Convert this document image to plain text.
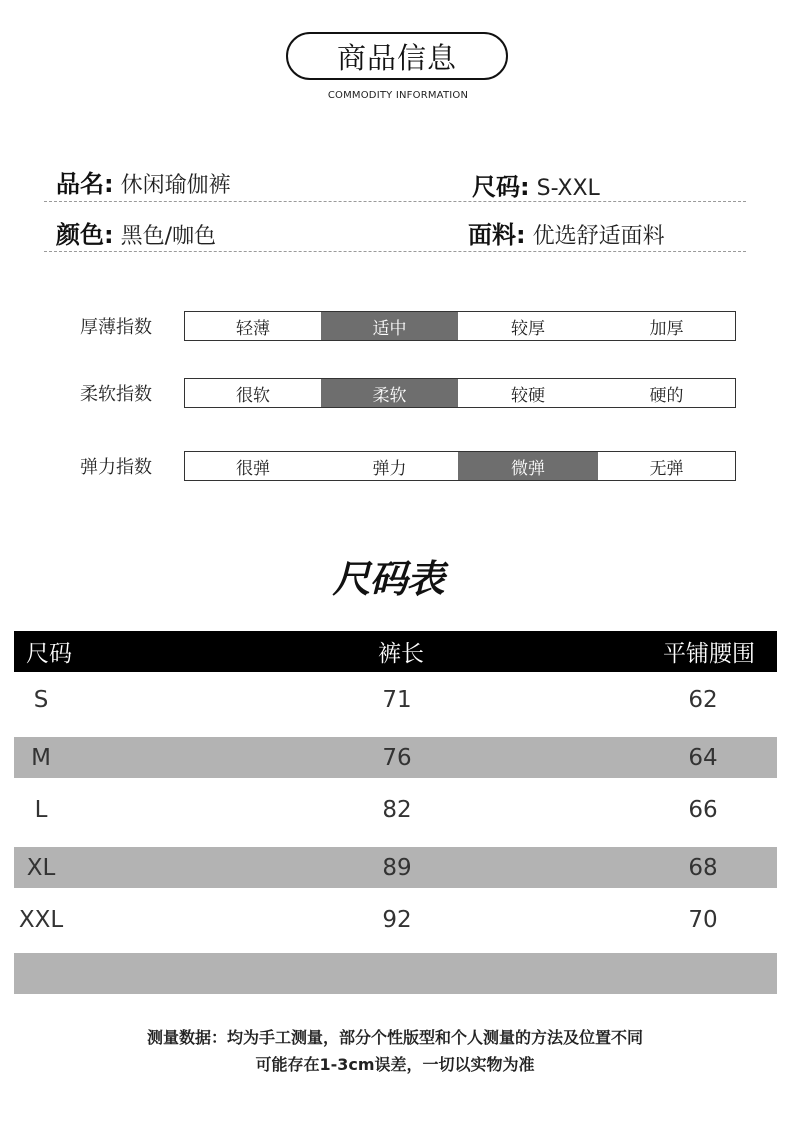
商品信息
COMMODITY INFORMATION
品名: 休闲瑜伽裤	尺码: S-XXL
颜色: 黑色/咖色	面料: 优选舒适面料
厚薄指数	轻薄	适中	较厚	加厚
柔软指数	很软	柔软	较硬	硬的
弹力指数	很弹	弹力	微弹	无弹
尺码表
尺码	裤长	平铺腰围
S	71	62
M	76	64
L	82	66
XL	89	68
XXL	92	70
测量数据：均为手工测量，部分个性版型和个人测量的方法及位置不同
可能存在1-3cm误差，一切以实物为准
